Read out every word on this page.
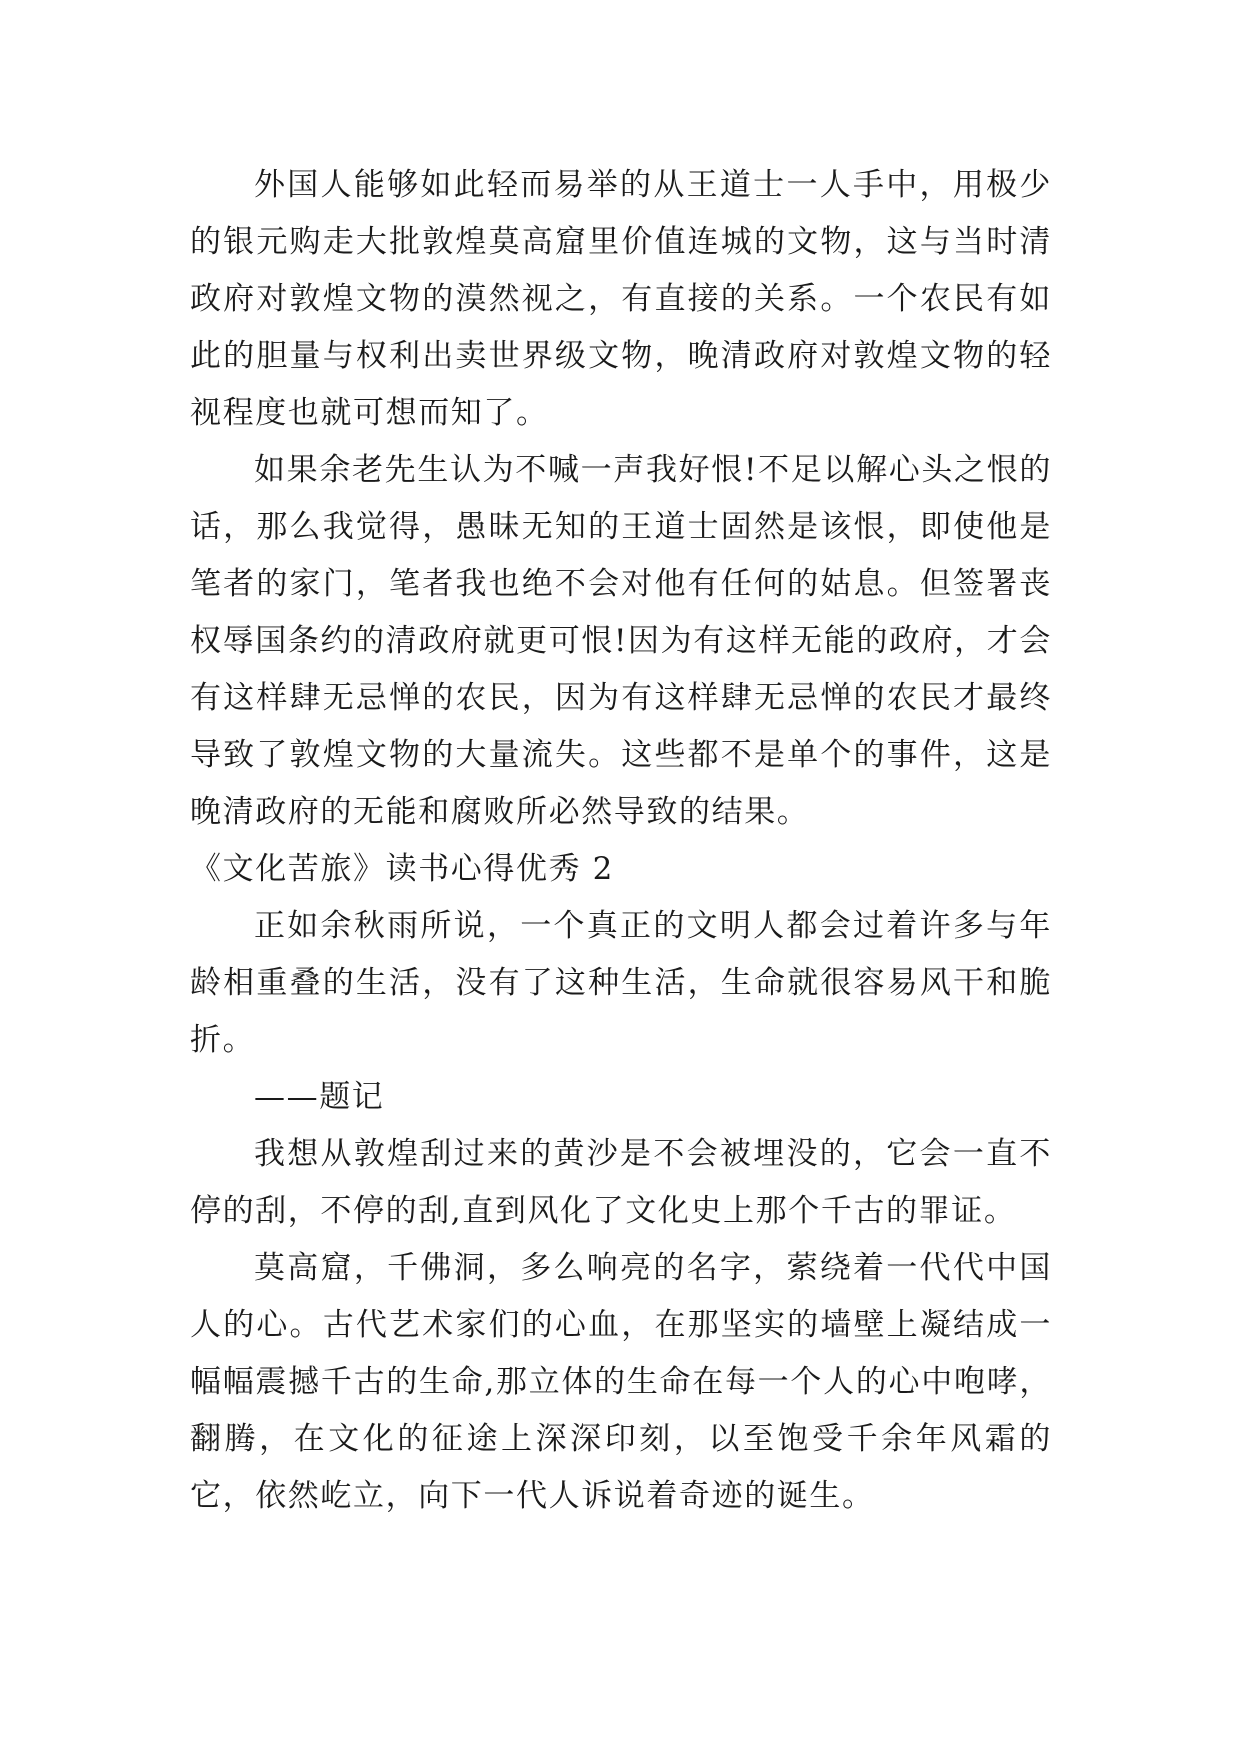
外国人能够如此轻而易举的从王道士一人手中，用极少的银元购走大批敦煌莫高窟里价值连城的文物，这与当时清政府对敦煌文物的漠然视之，有直接的关系。一个农民有如此的胆量与权利出卖世界级文物，晚清政府对敦煌文物的轻视程度也就可想而知了。

如果余老先生认为不喊一声我好恨!不足以解心头之恨的话，那么我觉得，愚昧无知的王道士固然是该恨，即使他是笔者的家门，笔者我也绝不会对他有任何的姑息。但签署丧权辱国条约的清政府就更可恨!因为有这样无能的政府，才会有这样肆无忌惮的农民，因为有这样肆无忌惮的农民才最终导致了敦煌文物的大量流失。这些都不是单个的事件，这是晚清政府的无能和腐败所必然导致的结果。

《文化苦旅》读书心得优秀 2

正如余秋雨所说，一个真正的文明人都会过着许多与年龄相重叠的生活，没有了这种生活，生命就很容易风干和脆折。

——题记

我想从敦煌刮过来的黄沙是不会被埋没的，它会一直不停的刮，不停的刮,直到风化了文化史上那个千古的罪证。

莫高窟，千佛洞，多么响亮的名字，萦绕着一代代中国人的心。古代艺术家们的心血，在那坚实的墙壁上凝结成一幅幅震撼千古的生命,那立体的生命在每一个人的心中咆哮，翻腾，在文化的征途上深深印刻，以至饱受千余年风霜的它，依然屹立，向下一代人诉说着奇迹的诞生。
